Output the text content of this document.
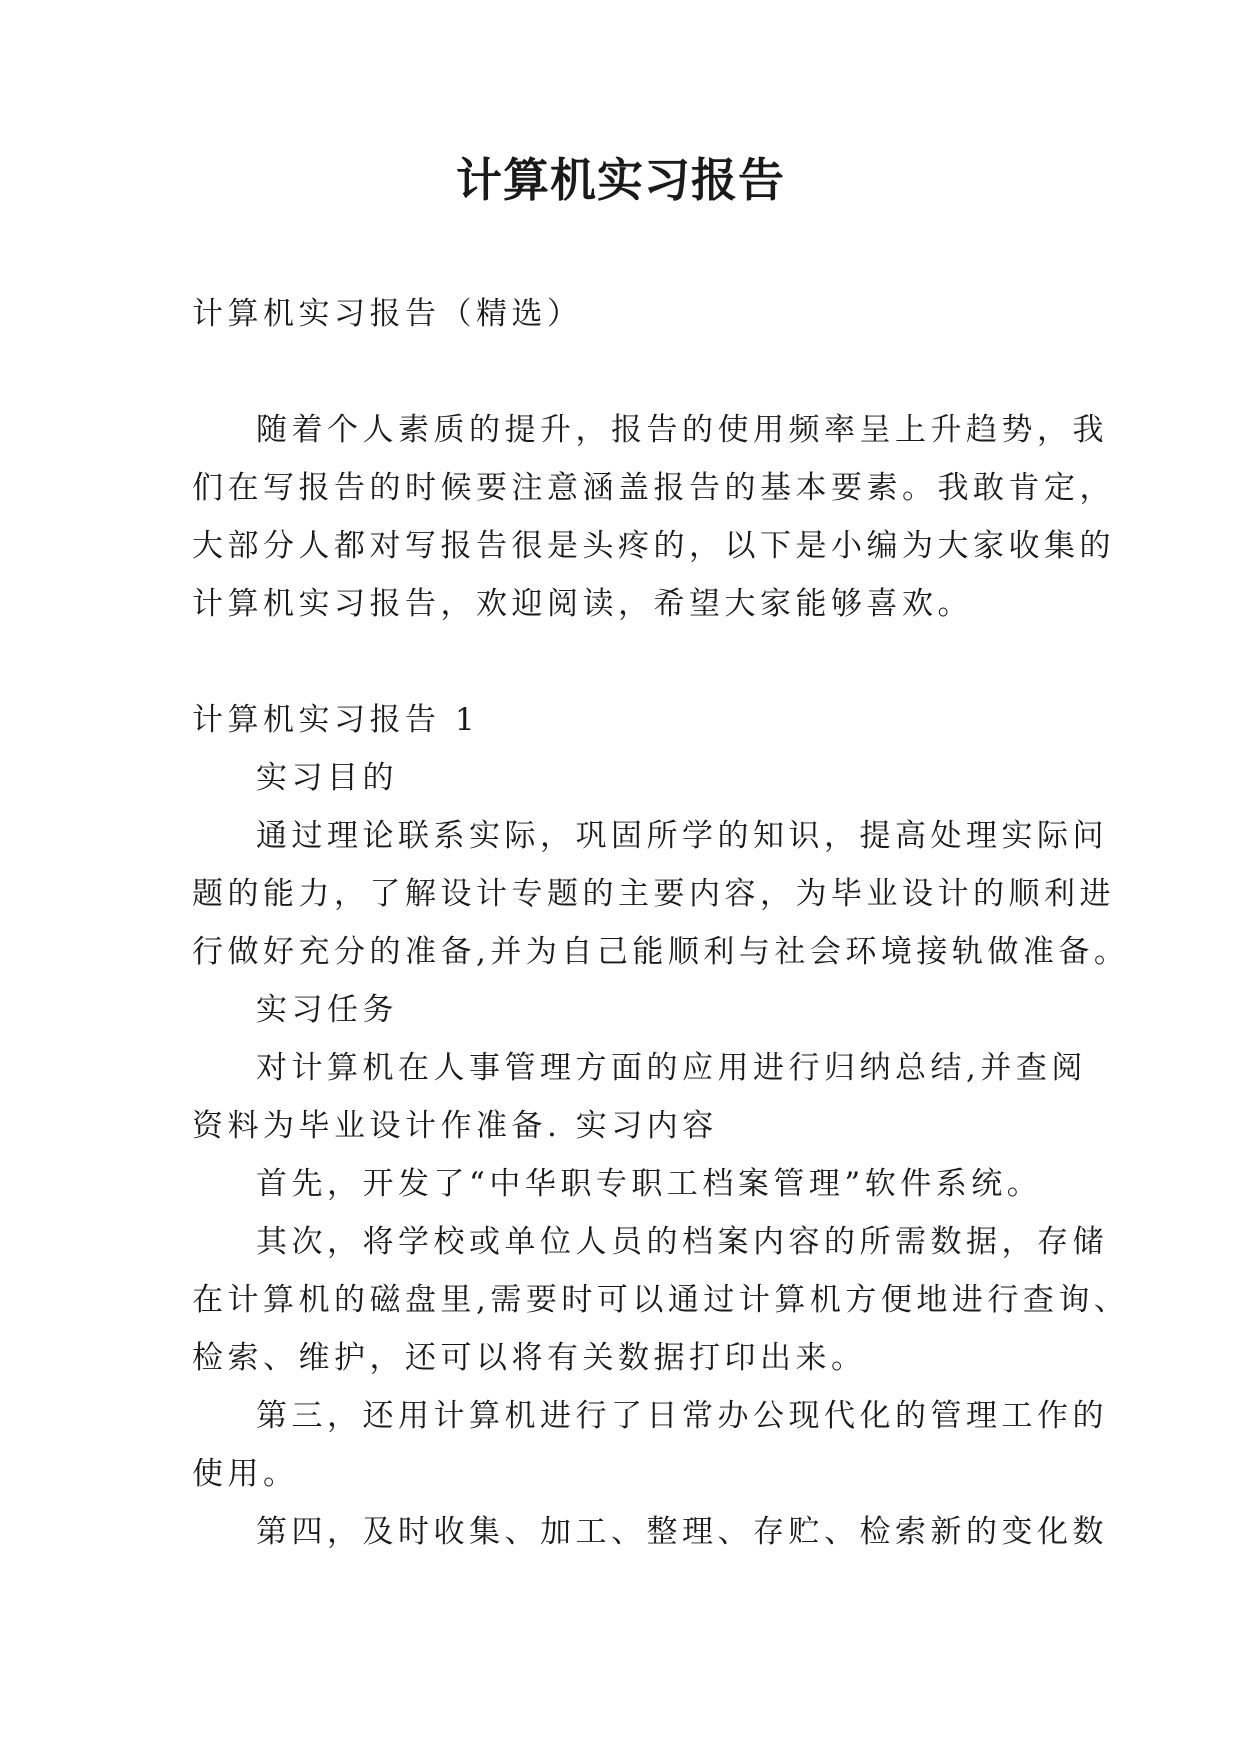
计算机实习报告
计算机实习报告（精选）
随着个人素质的提升，报告的使用频率呈上升趋势，我
们在写报告的时候要注意涵盖报告的基本要素。我敢肯定，
大部分人都对写报告很是头疼的，以下是小编为大家收集的
计算机实习报告，欢迎阅读，希望大家能够喜欢。
计算机实习报告 1
实习目的
通过理论联系实际，巩固所学的知识，提高处理实际问
题的能力，了解设计专题的主要内容，为毕业设计的顺利进
行做好充分的准备,并为自己能顺利与社会环境接轨做准备。
实习任务
对计算机在人事管理方面的应用进行归纳总结,并查阅
资料为毕业设计作准备. 实习内容
首先，开发了“中华职专职工档案管理”软件系统。
其次，将学校或单位人员的档案内容的所需数据，存储
在计算机的磁盘里,需要时可以通过计算机方便地进行查询、
检索、维护，还可以将有关数据打印出来。
第三，还用计算机进行了日常办公现代化的管理工作的
使用。
第四，及时收集、加工、整理、存贮、检索新的变化数
